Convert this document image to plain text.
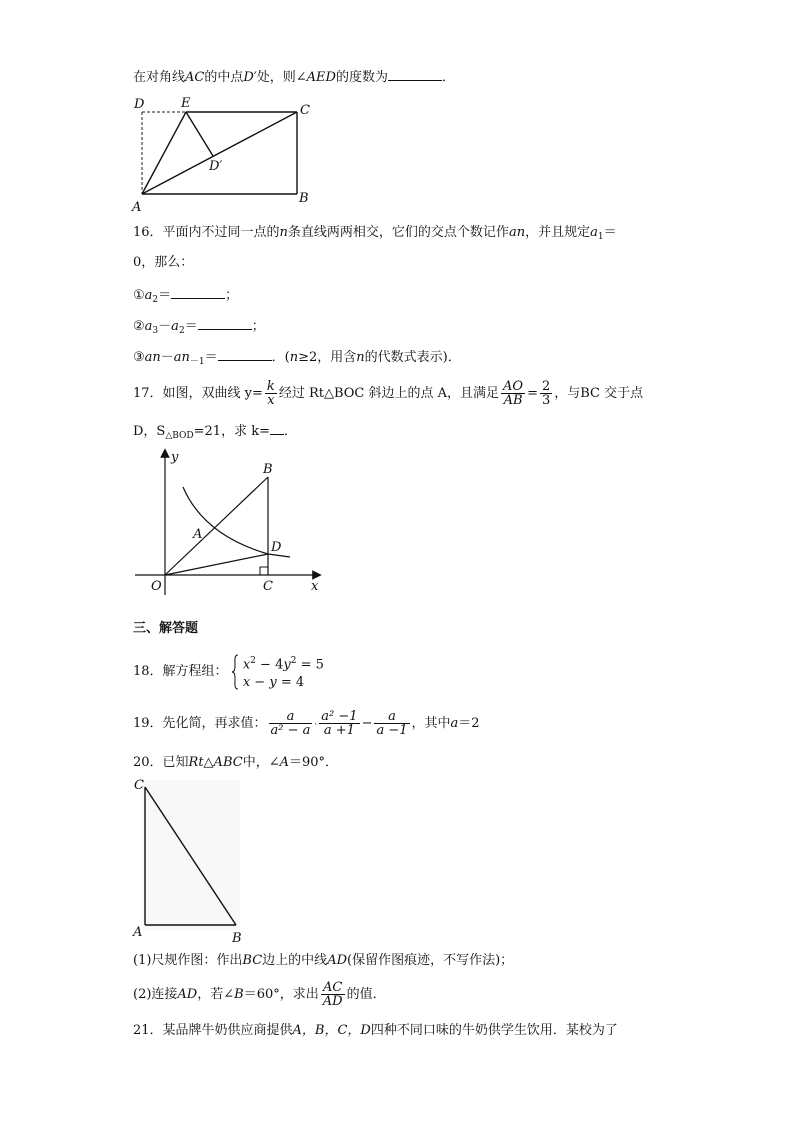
在对角线AC的中点D′处，则∠AED的度数为	．
D	E	C
D′
A
B
16．平面内不过同一点的n条直线两两相交，它们的交点个数记作an，并且规定$a_1=$
0，那么：
$①a_2=$	；
$②a_3-a_2=$	；
$③an-an_{-1}=$	．(n≥2，用含n的代数式表示)．
17．如图，双曲线 $y= \frac{k}{x}$ 经过 Rt△BOC 斜边上的点 A，且满足 $\frac{AO}{AB} = \frac{2}{3}$ ，与BC 交于点
D，$S_{\triangle BOD}=21$，求 k= ．
y
B
A
D
O	C	x
三、解答题
18．解方程组： $x^2 - 4y^2 = 5$
x − y = 4
19．先化简，再求值： $\frac{a}{\text{a² − a}} \cdot \frac{\text{a² −1}}{a +1} - \frac{a}{a -1}$ ，其中a＝2
20．已知Rt△ABC中，∠A＝90°．
C
A	B
(1)尺规作图：作出BC边上的中线AD(保留作图痕迹，不写作法)；
(2)连接AD，若∠B＝60°，求出 $\frac{AC}{AD}$ 的值．
21．某品牌牛奶供应商提供A，B，C，D四种不同口味的牛奶供学生饮用．某校为了
